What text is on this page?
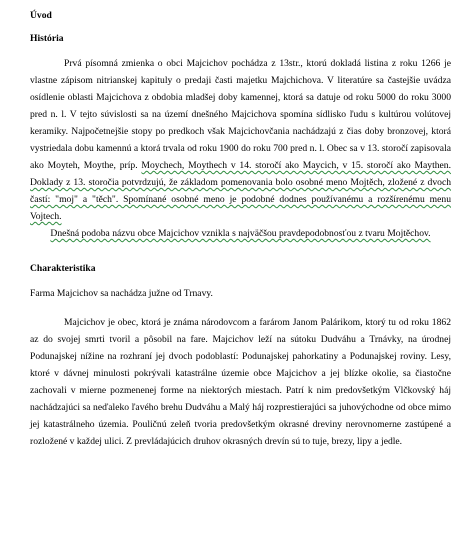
Úvod
História

Prvá písomná zmienka o obci Majcichov pochádza z 13str., ktorú dokladá listina z roku 1266 je vlastne zápisom nitrianskej kapituly o predaji časti majetku Majchichova. V literatúre sa častejšie uvádza osídlenie oblasti Majcichova z obdobia mladšej doby kamennej, ktorá sa datuje od roku 5000 do roku 3000 pred n. l. V tejto súvislosti sa na území dnešného Majcichova spomína sídlisko ľudu s kultúrou volútovej keramiky. Najpočetnejšie stopy po predkoch však Majcichovčania nachádzajú z čias doby bronzovej, ktorá vystriedala dobu kamennú a ktorá trvala od roku 1900 do roku 700 pred n. l. Obec sa v 13. storočí zapisovala ako Moyteh, Moythe, príp. Moychech, Moythech v 14. storočí ako Maycich, v 15. storočí ako Maythen. Doklady z 13. storočia potvrdzujú, že základom pomenovania bolo osobné meno Mojtěch, zložené z dvoch častí: "moj" a "těch". Spomínané osobné meno je podobné dodnes používanému a rozšírenému menu Vojtech.

Dnešná podoba názvu obce Majcichov vznikla s najväčšou pravdepodobnosťou z tvaru Mojtěchov.

Charakteristika

Farma Majcichov sa nachádza južne od Trnavy.

Majcichov je obec, ktorá je známa národovcom a farárom Janom Palárikom, ktorý tu od roku 1862 az do svojej smrti tvoril a pôsobil na fare. Majcichov leží na sútoku Dudváhu a Trnávky, na úrodnej Podunajskej nížine na rozhraní jej dvoch podoblastí: Podunajskej pahorkatiny a Podunajskej roviny. Lesy, ktoré v dávnej minulosti pokrývali katastrálne územie obce Majcichov a jej blízke okolie, sa čiastočne zachovali v mierne pozmenenej forme na niektorých miestach. Patrí k nim predovšetkým Vlčkovský háj nachádzajúci sa neďaleko ľavého brehu Dudváhu a Malý háj rozprestierajúci sa juhovýchodne od obce mimo jej katastrálneho územia. Pouličnú zeleň tvoria predovšetkým okrasné dreviny nerovnomerne zastúpené a rozložené v každej ulici. Z prevládajúcich druhov okrasných drevín sú to tuje, brezy, lipy a jedle.
